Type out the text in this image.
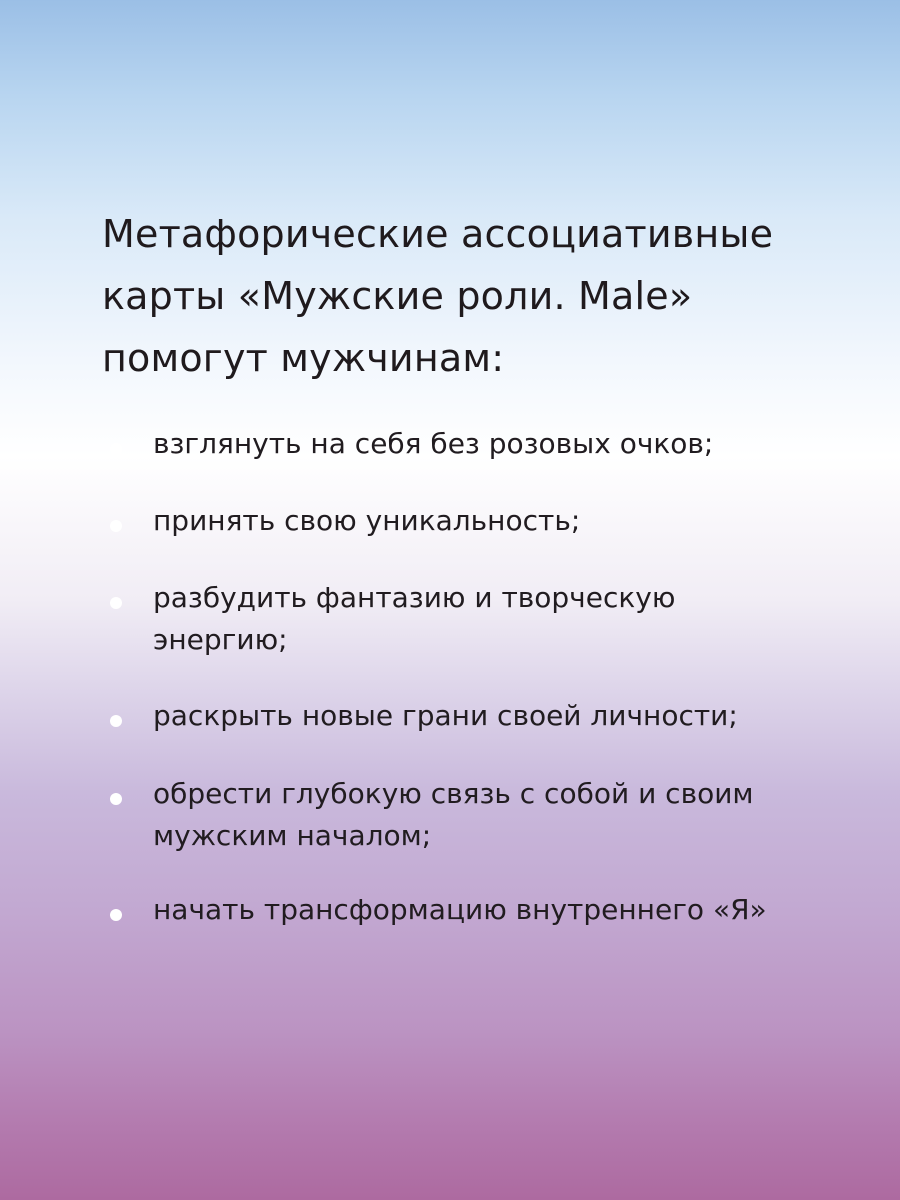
Метафорические ассоциативные
карты «Мужские роли. Male»
помогут мужчинам:
взглянуть на себя без розовых очков;
принять свою уникальность;
разбудить фантазию и творческую
энергию;
раскрыть новые грани своей личности;
обрести глубокую связь с собой и своим
мужским началом;
начать трансформацию внутреннего «Я»
